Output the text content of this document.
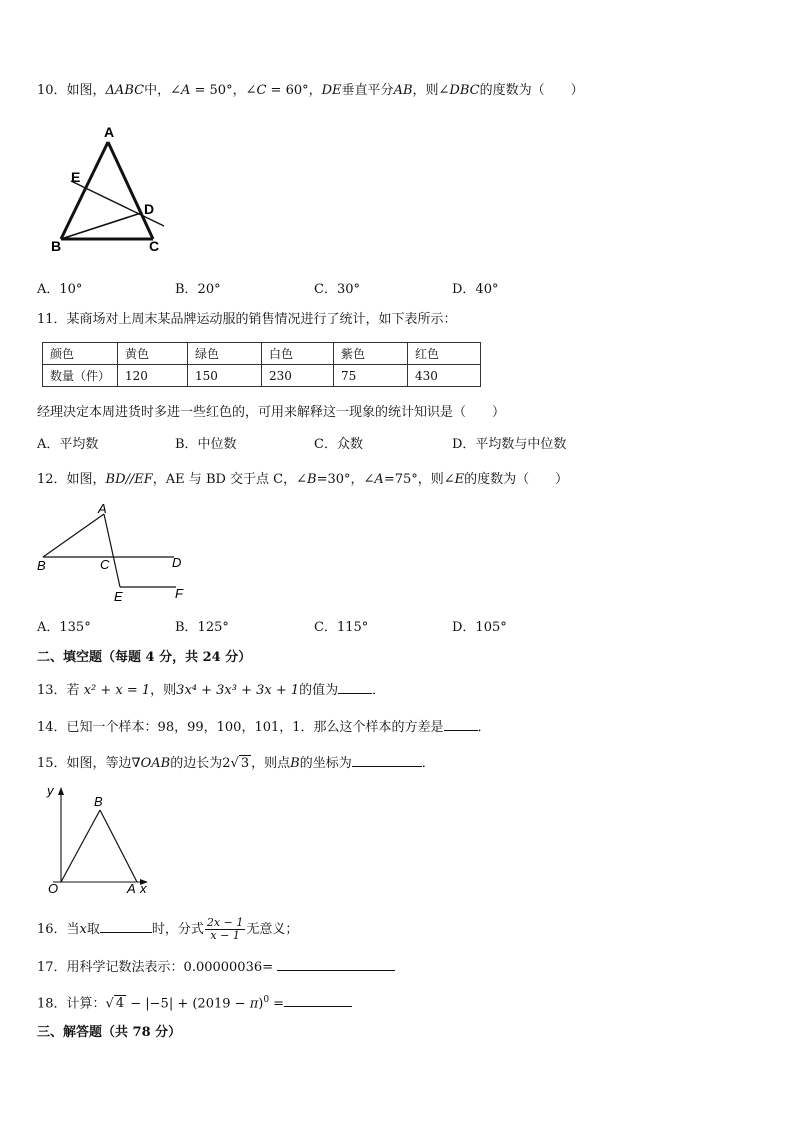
10．如图，ΔABC中，∠A = 50°，∠C = 60°，DE垂直平分AB，则∠DBC的度数为（　　）
A
E
D
B	C
A．10°	B．20°	C．30°	D．40°
11．某商场对上周末某品牌运动服的销售情况进行了统计，如下表所示：
颜色	黄色	绿色	白色	紫色	红色
数量（件）	120	150	230	75	430
经理决定本周进货时多进一些红色的，可用来解释这一现象的统计知识是（　　）
A．平均数	B．中位数	C．众数	D．平均数与中位数
12．如图，BD//EF，AE 与 BD 交于点 C，∠B=30°，∠A=75°，则∠E的度数为（　　）
A
B	C	D
E	F
A．135°	B．125°	C．115°	D．105°
二、填空题（每题 4 分，共 24 分）
13．若 x² + x = 1，则3x⁴ + 3x³ + 3x + 1的值为	．
14．已知一个样本：98，99，100，101，1．那么这个样本的方差是	．
15．如图，等边∇OAB的边长为2√ 3 ，则点B的坐标为	．
y
B
O	A x
16．当x取	时，分式 $\frac{2x - 1}{x - 1}$ 无意义；
17．用科学记数法表示：0.00000036=
18．计算：√ $4 - |-5| + (2019 - \pi)^0$ =
三、解答题（共 78 分）
